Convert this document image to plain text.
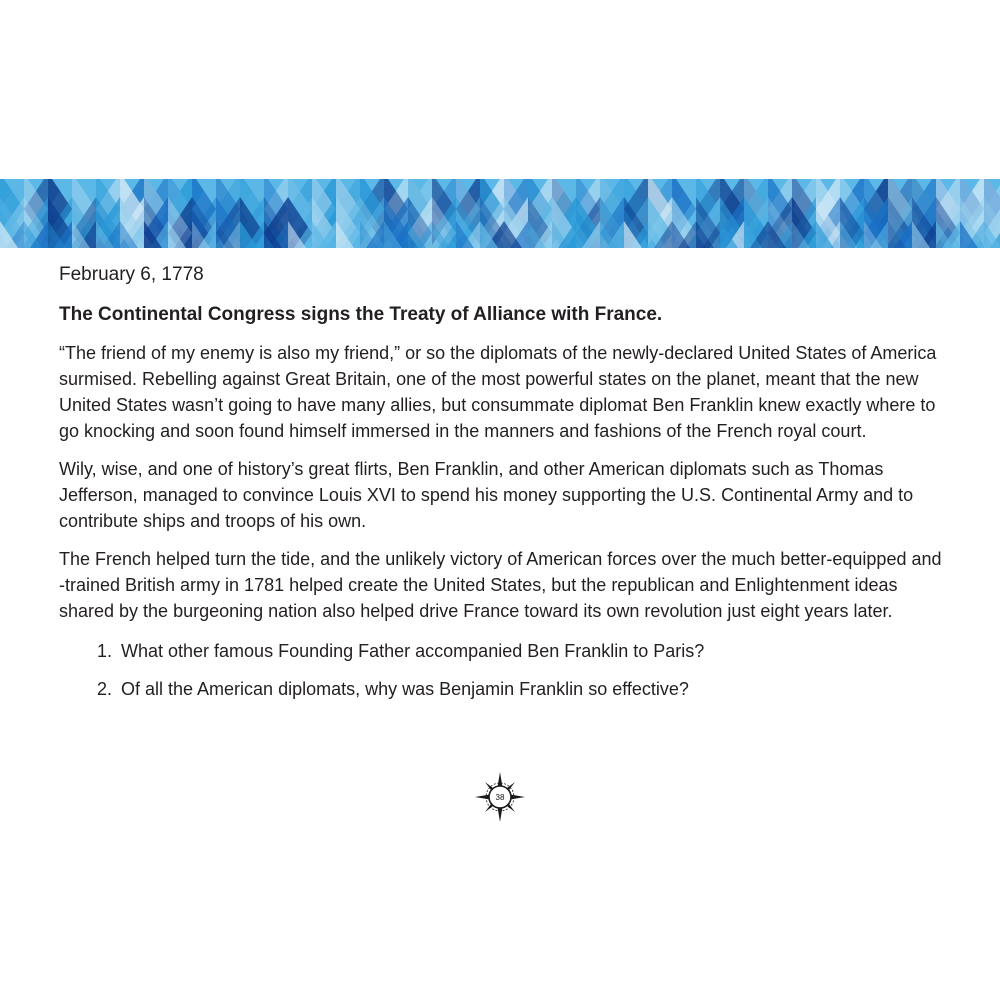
February 6, 1778

The Continental Congress signs the Treaty of Alliance with France.

“The friend of my enemy is also my friend,” or so the diplomats of the newly-declared United States of America surmised. Rebelling against Great Britain, one of the most powerful states on the planet, meant that the new United States wasn’t going to have many allies, but consummate diplomat Ben Franklin knew exactly where to go knocking and soon found himself immersed in the manners and fashions of the French royal court.

Wily, wise, and one of history’s great flirts, Ben Franklin, and other American diplomats such as Thomas Jefferson, managed to convince Louis XVI to spend his money supporting the U.S. Continental Army and to contribute ships and troops of his own.

The French helped turn the tide, and the unlikely victory of American forces over the much better-equipped and -trained British army in 1781 helped create the United States, but the republican and Enlightenment ideas shared by the burgeoning nation also helped drive France toward its own revolution just eight years later.

1. What other famous Founding Father accompanied Ben Franklin to Paris?
2. Of all the American diplomats, why was Benjamin Franklin so effective?
38
